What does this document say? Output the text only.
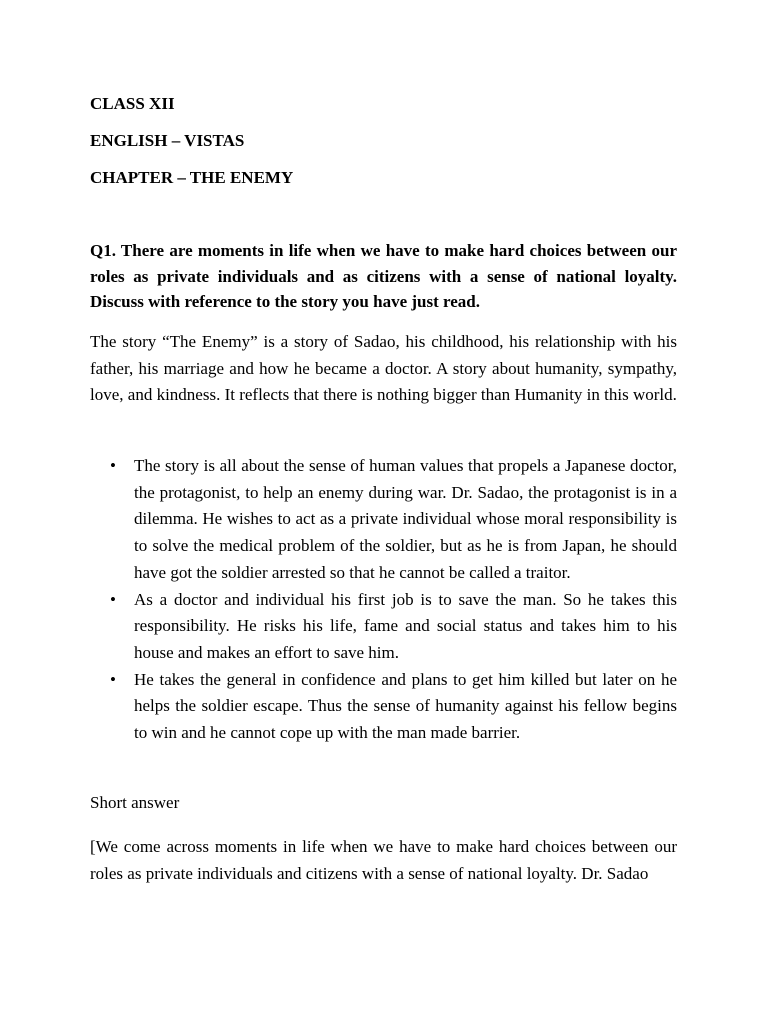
CLASS XII
ENGLISH – VISTAS
CHAPTER – THE ENEMY
Q1. There are moments in life when we have to make hard choices between our roles as private individuals and as citizens with a sense of national loyalty. Discuss with reference to the story you have just read.
The story “The Enemy” is a story of Sadao, his childhood, his relationship with his father, his marriage and how he became a doctor. A story about humanity, sympathy, love, and kindness. It reflects that there is nothing bigger than Humanity in this world.
• The story is all about the sense of human values that propels a Japanese doctor, the protagonist, to help an enemy during war. Dr. Sadao, the protagonist is in a dilemma. He wishes to act as a private individual whose moral responsibility is to solve the medical problem of the soldier, but as he is from Japan, he should have got the soldier arrested so that he cannot be called a traitor.
• As a doctor and individual his first job is to save the man. So he takes this responsibility. He risks his life, fame and social status and takes him to his house and makes an effort to save him.
• He takes the general in confidence and plans to get him killed but later on he helps the soldier escape. Thus the sense of humanity against his fellow begins to win and he cannot cope up with the man made barrier.
Short answer
[We come across moments in life when we have to make hard choices between our roles as private individuals and citizens with a sense of national loyalty. Dr. Sadao
